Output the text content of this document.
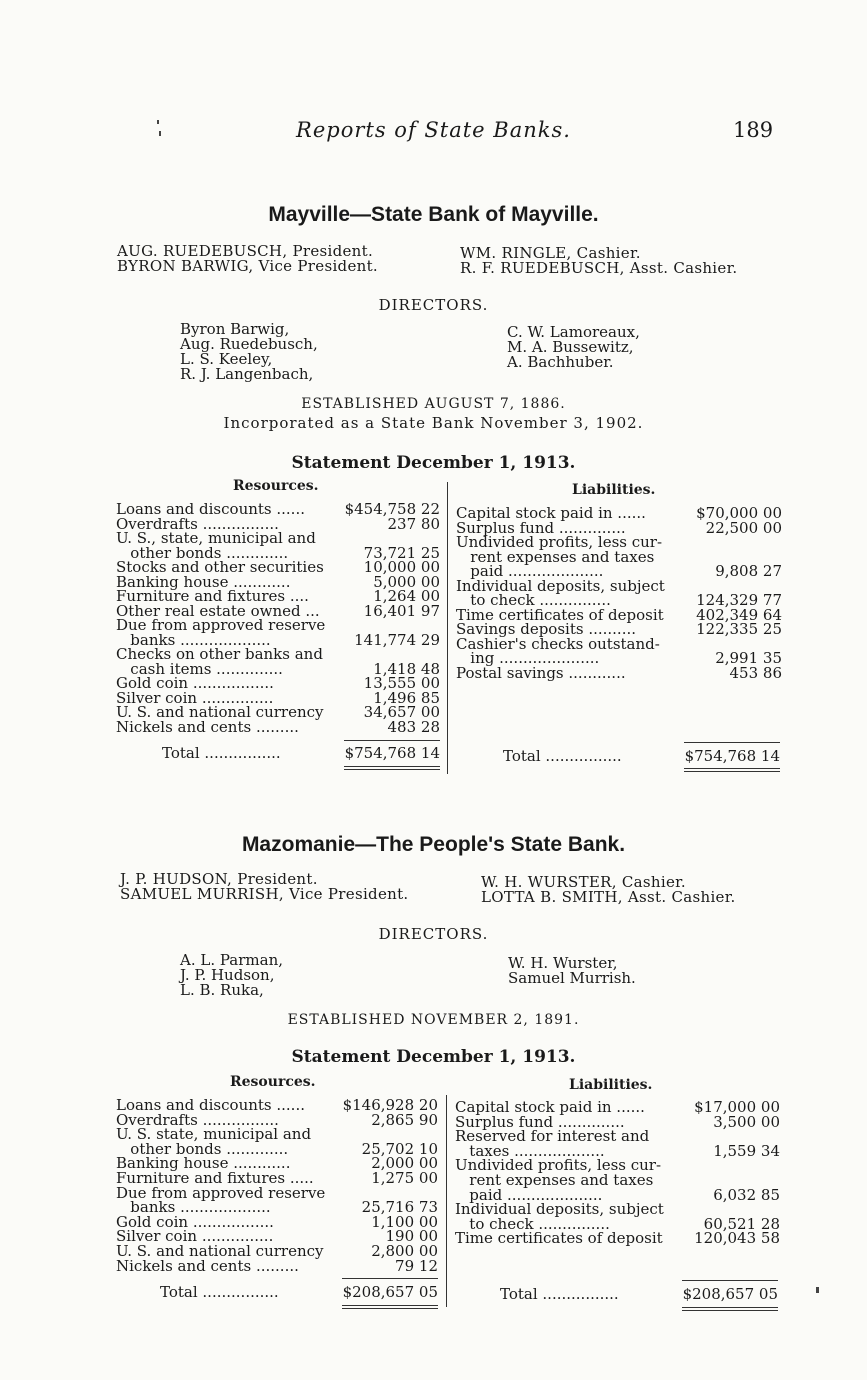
Reports of State Banks.	189
Mayville—State Bank of Mayville.
AUG. RUEDEBUSCH, President.
BYRON BARWIG, Vice President.
WM. RINGLE, Cashier.
R. F. RUEDEBUSCH, Asst. Cashier.
DIRECTORS.
Byron Barwig,
Aug. Ruedebusch,
L. S. Keeley,
R. J. Langenbach,
C. W. Lamoreaux,
M. A. Bussewitz,
A. Bachhuber.
ESTABLISHED AUGUST 7, 1886.
Incorporated as a State Bank November 3, 1902.
Statement December 1, 1913.
Resources.	Liabilities.
Loans and discounts ......	$454,758 22
Overdrafts ................	237 80
U. S., state, municipal and
other bonds .............	73,721 25
Stocks and other securities	10,000 00
Banking house ............	5,000 00
Furniture and fixtures ....	1,264 00
Other real estate owned ...	16,401 97
Due from approved reserve
banks ...................	141,774 29
Checks on other banks and
cash items ..............	1,418 48
Gold coin .................	13,555 00
Silver coin ...............	1,496 85
U. S. and national currency	34,657 00
Nickels and cents .........	483 28
Capital stock paid in ......	$70,000 00
Surplus fund ..............	22,500 00
Undivided profits, less cur-
rent expenses and taxes
paid ....................	9,808 27
Individual deposits, subject
to check ...............	124,329 77
Time certificates of deposit 402,349 64
Savings deposits ..........	122,335 25
Cashier's checks outstand-
ing .....................	2,991 35
Postal savings ............	453 86
Total ................	$754,768 14	Total ................	$754,768 14
Mazomanie—The People's State Bank.
J. P. HUDSON, President.
SAMUEL MURRISH, Vice President.
W. H. WURSTER, Cashier.
LOTTA B. SMITH, Asst. Cashier.
DIRECTORS.
A. L. Parman,
J. P. Hudson,
L. B. Ruka,
W. H. Wurster,
Samuel Murrish.
ESTABLISHED NOVEMBER 2, 1891.
Statement December 1, 1913.
Resources.	Liabilities.
Loans and discounts ......	$146,928 20
Overdrafts ................	2,865 90
U. S. state, municipal and
other bonds .............	25,702 10
Banking house ............	2,000 00
Furniture and fixtures .....	1,275 00
Due from approved reserve
banks ...................	25,716 73
Gold coin .................	1,100 00
Silver coin ...............	190 00
U. S. and national currency	2,800 00
Nickels and cents .........	79 12
Capital stock paid in ......	$17,000 00
Surplus fund ..............	3,500 00
Reserved for interest and
taxes ...................	1,559 34
Undivided profits, less cur-
rent expenses and taxes
paid ....................	6,032 85
Individual deposits, subject
to check ...............	60,521 28
Time certificates of deposit 120,043 58
Total ................	$208,657 05	Total ................	$208,657 05
